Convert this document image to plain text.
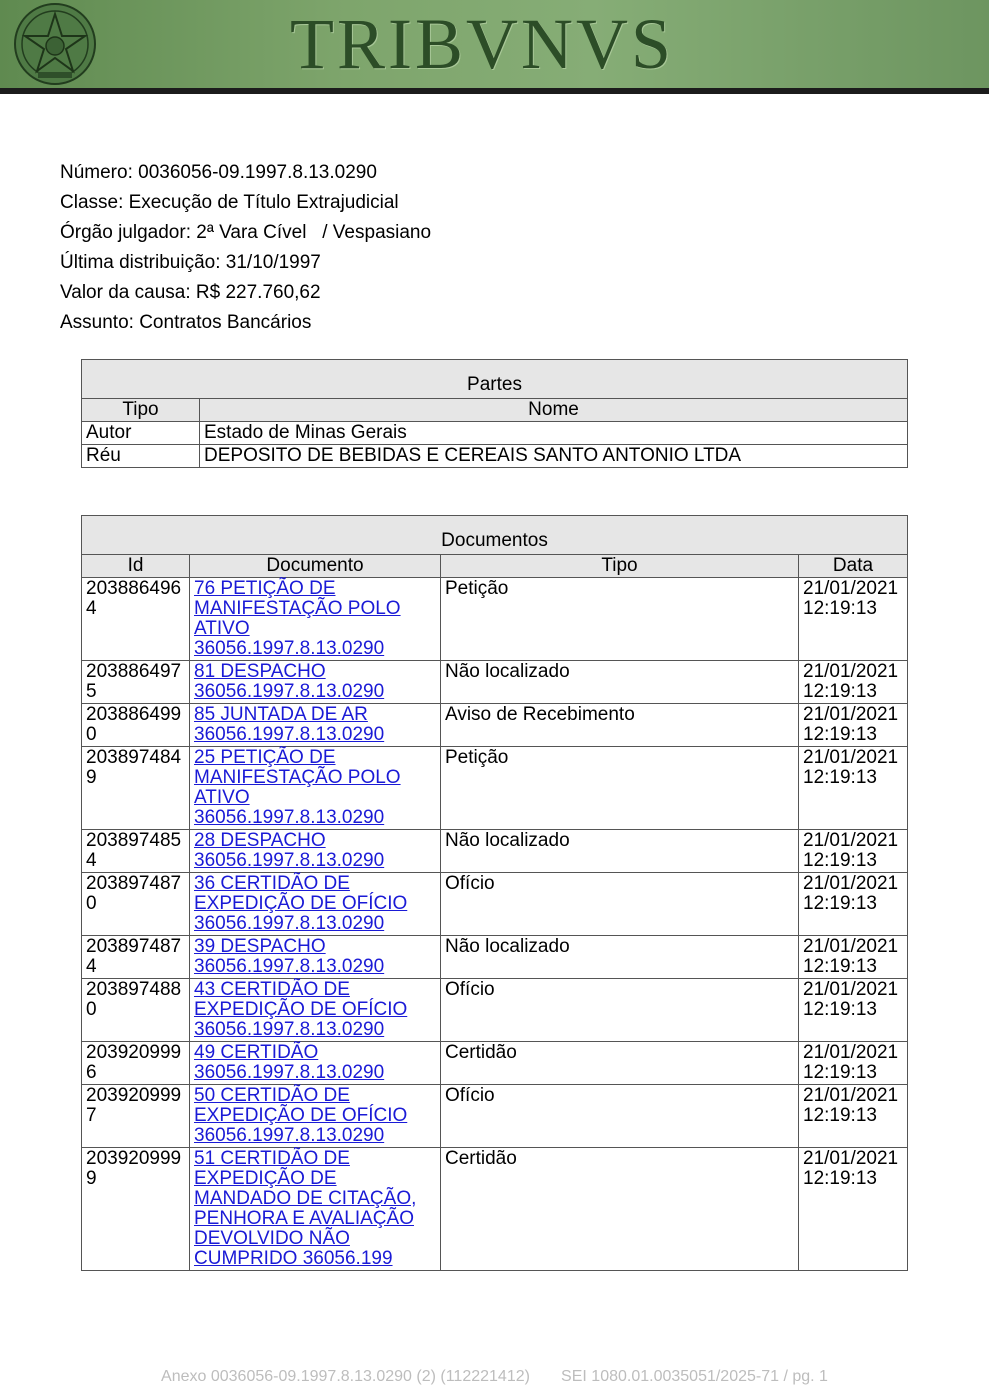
TRIBVNVS
Número: 0036056-09.1997.8.13.0290
Classe: Execução de Título Extrajudicial
Órgão julgador: 2ª Vara Cível   / Vespasiano
Última distribuição: 31/10/1997
Valor da causa: R$ 227.760,62
Assunto: Contratos Bancários
Partes	
Tipo	Nome
Autor	Estado de Minas Gerais
Réu	DEPOSITO DE BEBIDAS E CEREAIS SANTO ANTONIO LTDA
Documentos			
Id	Documento	Tipo	Data
2038864964	76 PETIÇÃO DE MANIFESTAÇÃO POLO ATIVO 36056.1997.8.13.0290	Petição	21/01/2021 12:19:13
2038864975	81 DESPACHO 36056.1997.8.13.0290	Não localizado	21/01/2021 12:19:13
2038864990	85 JUNTADA DE AR 36056.1997.8.13.0290	Aviso de Recebimento	21/01/2021 12:19:13
2038974849	25 PETIÇÃO DE MANIFESTAÇÃO POLO ATIVO 36056.1997.8.13.0290	Petição	21/01/2021 12:19:13
2038974854	28 DESPACHO 36056.1997.8.13.0290	Não localizado	21/01/2021 12:19:13
2038974870	36 CERTIDÃO DE EXPEDIÇÃO DE OFÍCIO 36056.1997.8.13.0290	Ofício	21/01/2021 12:19:13
2038974874	39 DESPACHO 36056.1997.8.13.0290	Não localizado	21/01/2021 12:19:13
2038974880	43 CERTIDÃO DE EXPEDIÇÃO DE OFÍCIO 36056.1997.8.13.0290	Ofício	21/01/2021 12:19:13
2039209996	49 CERTIDÃO 36056.1997.8.13.0290	Certidão	21/01/2021 12:19:13
2039209997	50 CERTIDÃO DE EXPEDIÇÃO DE OFÍCIO 36056.1997.8.13.0290	Ofício	21/01/2021 12:19:13
2039209999	51 CERTIDÃO DE EXPEDIÇÃO DE MANDADO DE CITAÇÃO, PENHORA E AVALIAÇÃO DEVOLVIDO NÃO CUMPRIDO 36056.199	Certidão	21/01/2021 12:19:13
Anexo 0036056-09.1997.8.13.0290 (2) (112221412)       SEI 1080.01.0035051/2025-71 / pg. 1
